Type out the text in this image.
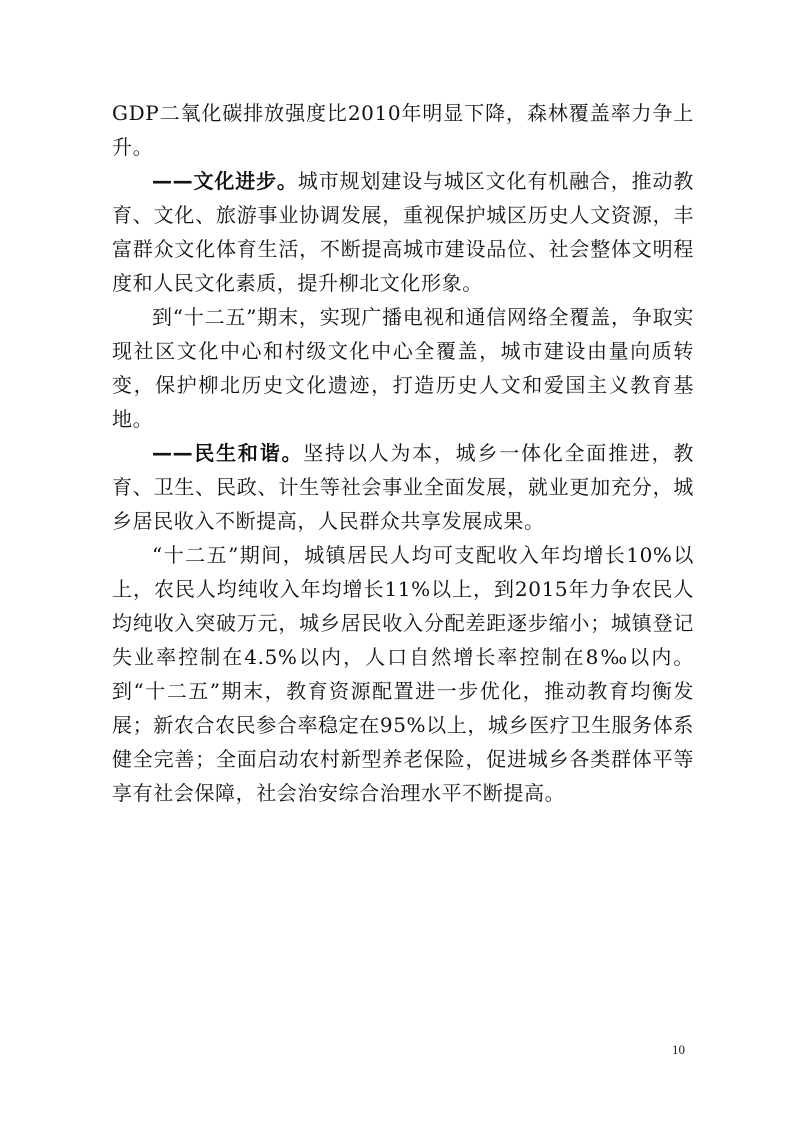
GDP二氧化碳排放强度比2010年明显下降，森林覆盖率力争上升。

——文化进步。城市规划建设与城区文化有机融合，推动教育、文化、旅游事业协调发展，重视保护城区历史人文资源，丰富群众文化体育生活，不断提高城市建设品位、社会整体文明程度和人民文化素质，提升柳北文化形象。

到“十二五”期末，实现广播电视和通信网络全覆盖，争取实现社区文化中心和村级文化中心全覆盖，城市建设由量向质转变，保护柳北历史文化遗迹，打造历史人文和爱国主义教育基地。

——民生和谐。坚持以人为本，城乡一体化全面推进，教育、卫生、民政、计生等社会事业全面发展，就业更加充分，城乡居民收入不断提高，人民群众共享发展成果。

“十二五”期间，城镇居民人均可支配收入年均增长10%以上，农民人均纯收入年均增长11%以上，到2015年力争农民人均纯收入突破万元，城乡居民收入分配差距逐步缩小；城镇登记失业率控制在4.5%以内，人口自然增长率控制在8‰以内。到“十二五”期末，教育资源配置进一步优化，推动教育均衡发展；新农合农民参合率稳定在95%以上，城乡医疗卫生服务体系健全完善；全面启动农村新型养老保险，促进城乡各类群体平等享有社会保障，社会治安综合治理水平不断提高。

10
